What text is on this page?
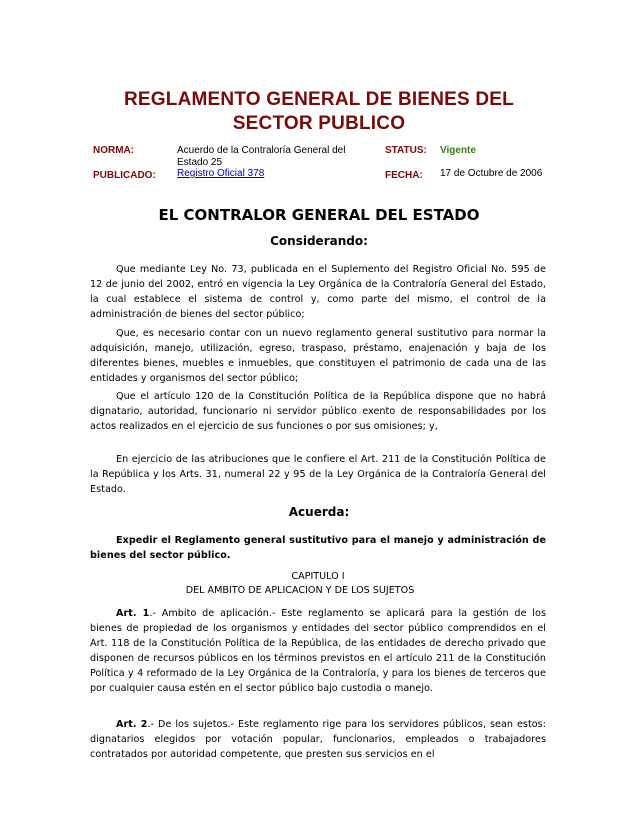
REGLAMENTO GENERAL DE BIENES DEL SECTOR PUBLICO
NORMA:	Acuerdo de la Contraloría General del Estado 25
STATUS: Vigente
PUBLICADO: Registro Oficial 378	FECHA: 17 de Octubre de 2006
EL CONTRALOR GENERAL DEL ESTADO
Considerando:
Que mediante Ley No. 73, publicada en el Suplemento del Registro Oficial No. 595 de 12 de junio del 2002, entró en vigencia la Ley Orgánica de la Contraloría General del Estado, la cual establece el sistema de control y, como parte del mismo, el control de la administración de bienes del sector público;
Que, es necesario contar con un nuevo reglamento general sustitutivo para normar la adquisición, manejo, utilización, egreso, traspaso, préstamo, enajenación y baja de los diferentes bienes, muebles e inmuebles, que constituyen el patrimonio de cada una de las entidades y organismos del sector público;
Que el artículo 120 de la Constitución Política de la República dispone que no habrá dignatario, autoridad, funcionario ni servidor público exento de responsabilidades por los actos realizados en el ejercicio de sus funciones o por sus omisiones; y,
En ejercicio de las atribuciones que le confiere el Art. 211 de la Constitución Política de la República y los Arts. 31, numeral 22 y 95 de la Ley Orgánica de la Contraloría General del Estado.
Acuerda:
Expedir el Reglamento general sustitutivo para el manejo y administración de bienes del sector público.
CAPITULO I
DEL AMBITO DE APLICACION Y DE LOS SUJETOS
Art. 1.- Ambito de aplicación.- Este reglamento se aplicará para la gestión de los bienes de propiedad de los organismos y entidades del sector público comprendidos en el Art. 118 de la Constitución Política de la República, de las entidades de derecho privado que disponen de recursos públicos en los términos previstos en el artículo 211 de la Constitución Política y 4 reformado de la Ley Orgánica de la Contraloría, y para los bienes de terceros que por cualquier causa estén en el sector público bajo custodia o manejo.
Art. 2.- De los sujetos.- Este reglamento rige para los servidores públicos, sean estos: dignatarios elegidos por votación popular, funcionarios, empleados o trabajadores contratados por autoridad competente, que presten sus servicios en el
